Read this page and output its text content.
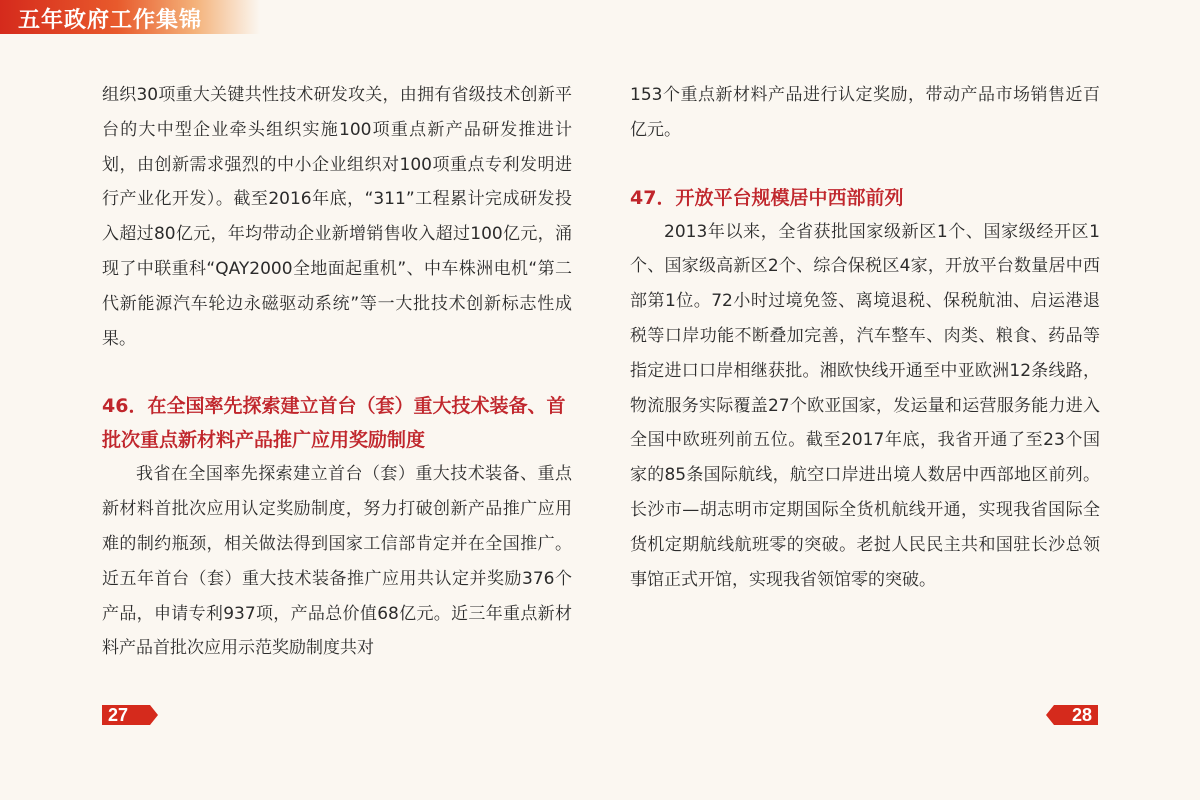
五年政府工作集锦

组织30项重大关键共性技术研发攻关，由拥有省级技术创新平台的大中型企业牵头组织实施100项重点新产品研发推进计划，由创新需求强烈的中小企业组织对100项重点专利发明进行产业化开发）。截至2016年底，“311”工程累计完成研发投入超过80亿元，年均带动企业新增销售收入超过100亿元，涌现了中联重科“QAY2000全地面起重机”、中车株洲电机“第二代新能源汽车轮边永磁驱动系统”等一大批技术创新标志性成果。

46．在全国率先探索建立首台（套）重大技术装备、首批次重点新材料产品推广应用奖励制度

我省在全国率先探索建立首台（套）重大技术装备、重点新材料首批次应用认定奖励制度，努力打破创新产品推广应用难的制约瓶颈，相关做法得到国家工信部肯定并在全国推广。近五年首台（套）重大技术装备推广应用共认定并奖励376个产品，申请专利937项，产品总价值68亿元。近三年重点新材料产品首批次应用示范奖励制度共对

153个重点新材料产品进行认定奖励，带动产品市场销售近百亿元。

47．开放平台规模居中西部前列

2013年以来，全省获批国家级新区1个、国家级经开区1个、国家级高新区2个、综合保税区4家，开放平台数量居中西部第1位。72小时过境免签、离境退税、保税航油、启运港退税等口岸功能不断叠加完善，汽车整车、肉类、粮食、药品等指定进口口岸相继获批。湘欧快线开通至中亚欧洲12条线路，物流服务实际覆盖27个欧亚国家，发运量和运营服务能力进入全国中欧班列前五位。截至2017年底，我省开通了至23个国家的85条国际航线，航空口岸进出境人数居中西部地区前列。长沙市—胡志明市定期国际全货机航线开通，实现我省国际全货机定期航线航班零的突破。老挝人民民主共和国驻长沙总领事馆正式开馆，实现我省领馆零的突破。

27	28
